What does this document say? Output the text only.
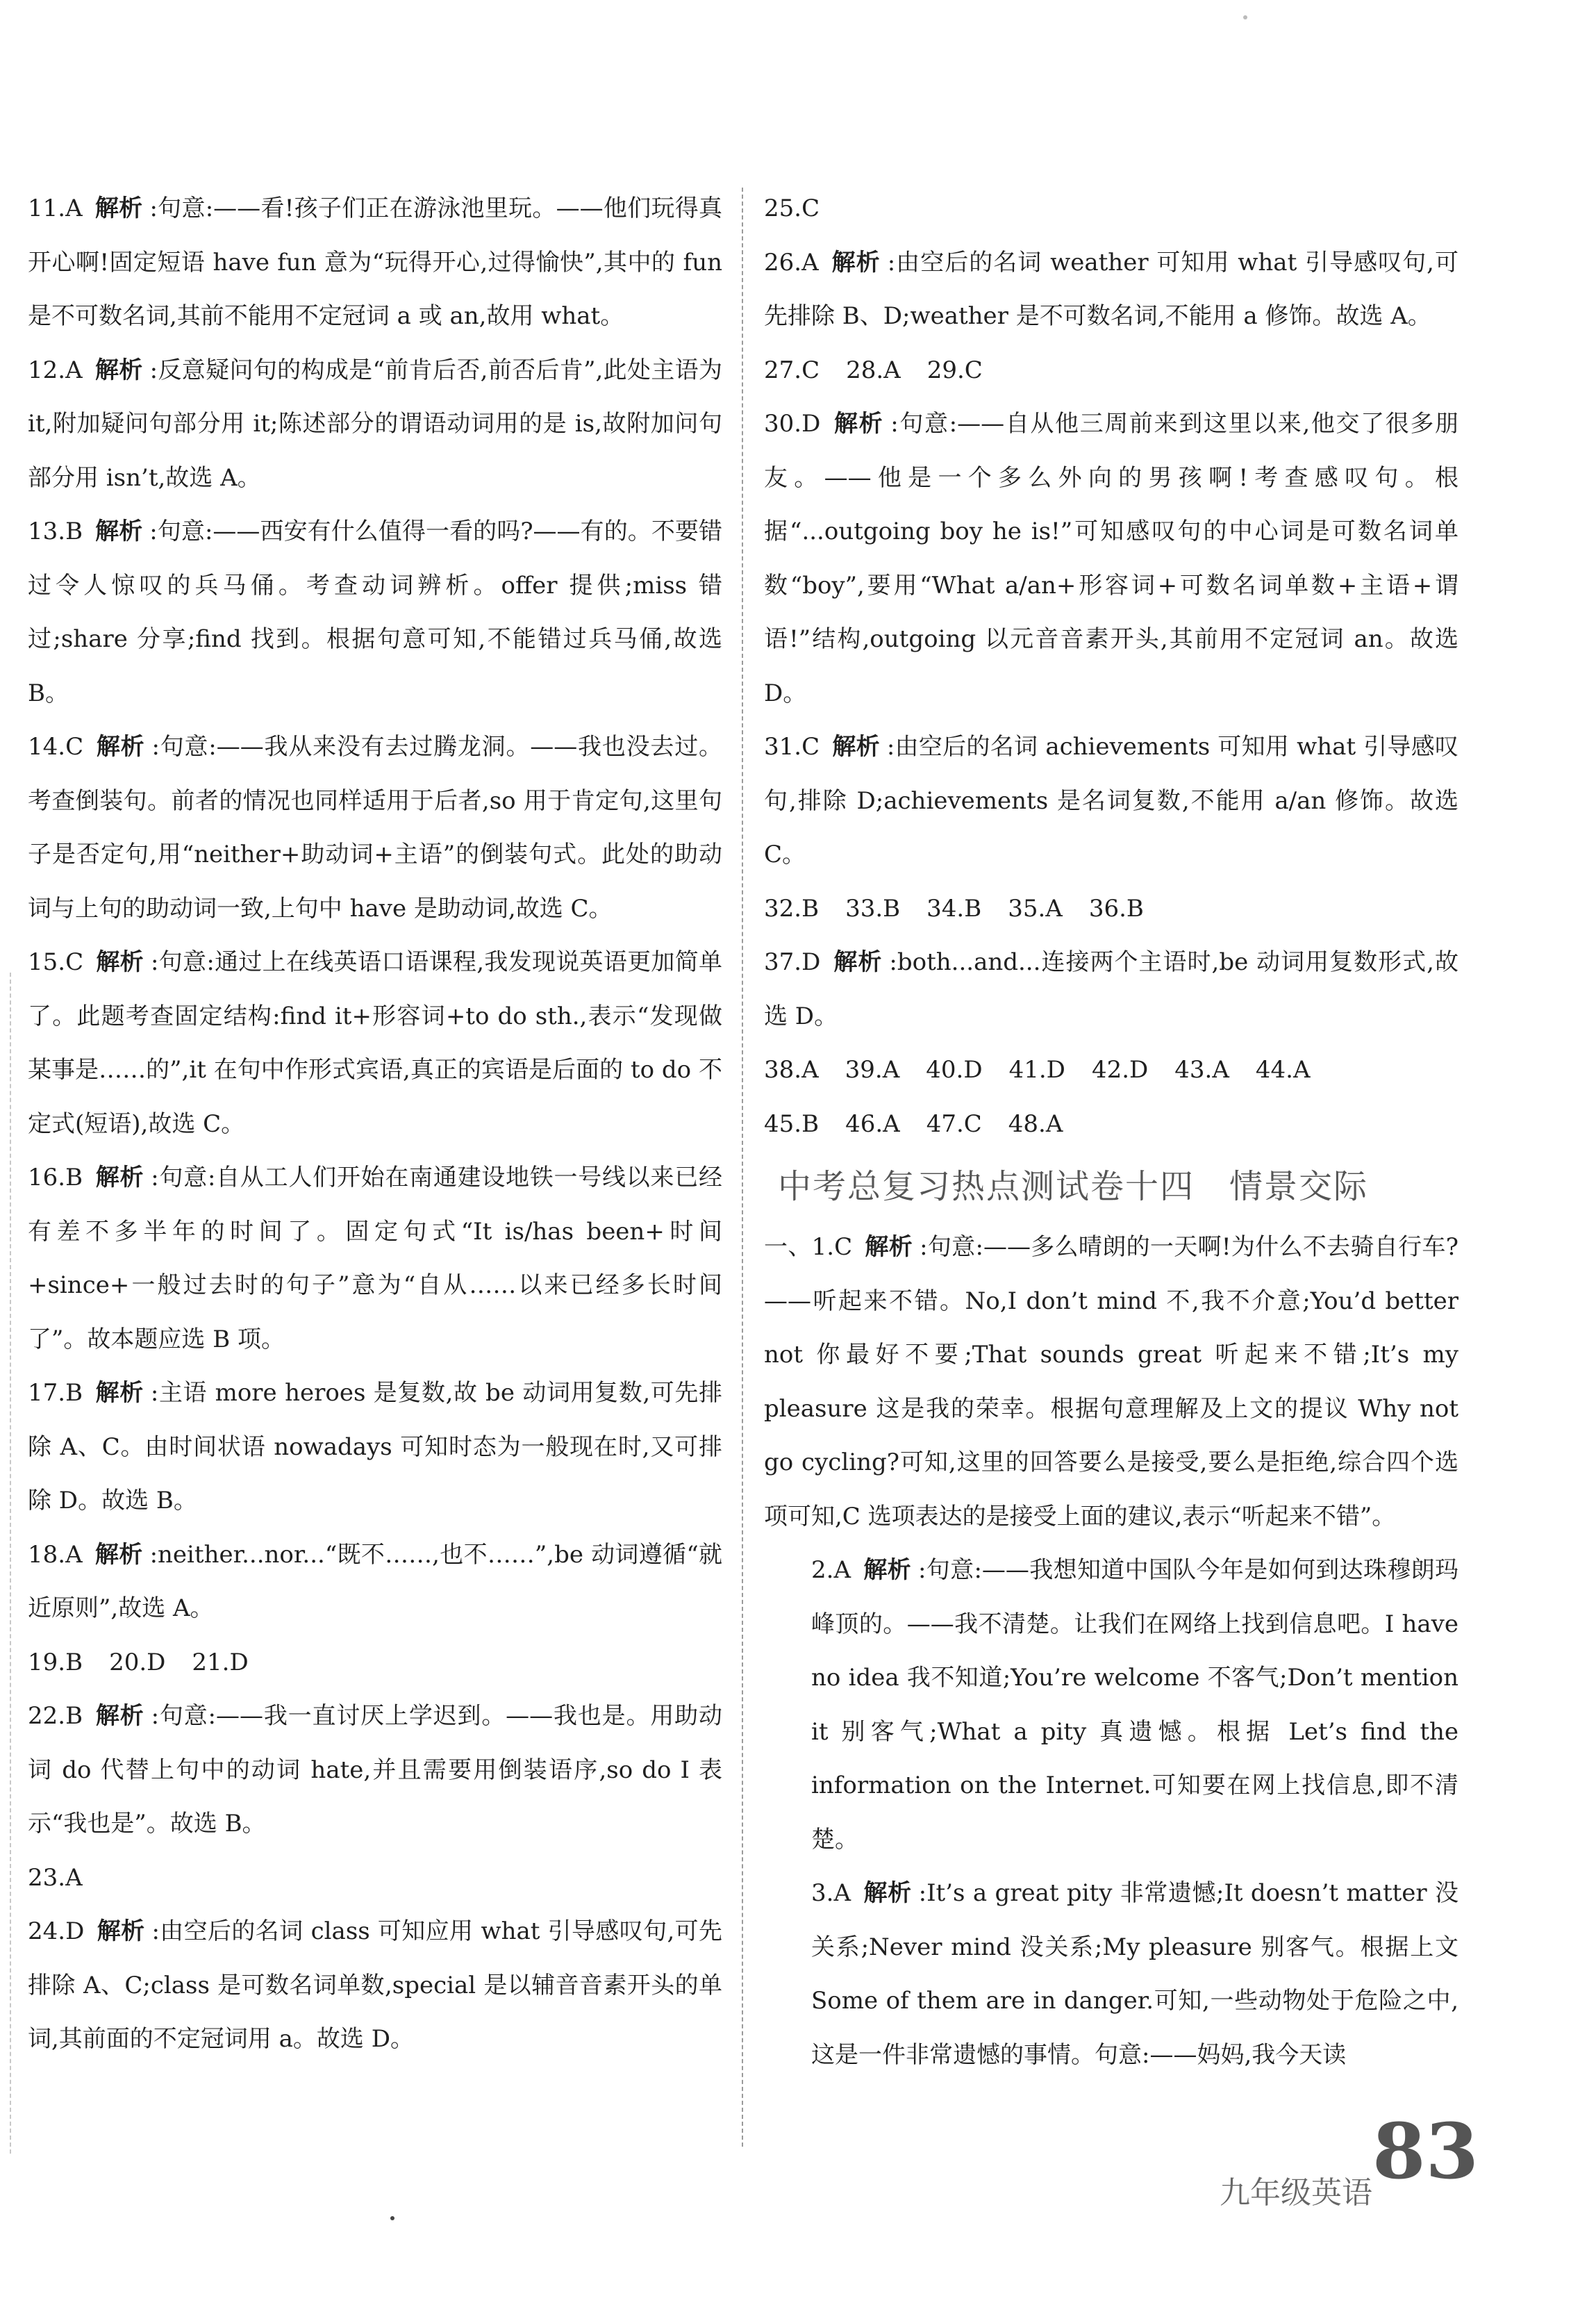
11.A 解析 :句意:——看!孩子们正在游泳池里玩。——他们玩得真开心啊!固定短语 have fun 意为“玩得开心,过得愉快”,其中的 fun 是不可数名词,其前不能用不定冠词 a 或 an,故用 what。

12.A 解析 :反意疑问句的构成是“前肯后否,前否后肯”,此处主语为 it,附加疑问句部分用 it;陈述部分的谓语动词用的是 is,故附加问句部分用 isn’t,故选 A。

13.B 解析 :句意:——西安有什么值得一看的吗?——有的。不要错过令人惊叹的兵马俑。考查动词辨析。offer 提供;miss 错过;share 分享;find 找到。根据句意可知,不能错过兵马俑,故选 B。

14.C 解析 :句意:——我从来没有去过腾龙洞。——我也没去过。考查倒装句。前者的情况也同样适用于后者,so 用于肯定句,这里句子是否定句,用“neither+助动词+主语”的倒装句式。此处的助动词与上句的助动词一致,上句中 have 是助动词,故选 C。

15.C 解析 :句意:通过上在线英语口语课程,我发现说英语更加简单了。此题考查固定结构:find it+形容词+to do sth.,表示“发现做某事是……的”,it 在句中作形式宾语,真正的宾语是后面的 to do 不定式(短语),故选 C。

16.B 解析 :句意:自从工人们开始在南通建设地铁一号线以来已经有差不多半年的时间了。固定句式“It is/has been+时间+since+一般过去时的句子”意为“自从……以来已经多长时间了”。故本题应选 B 项。

17.B 解析 :主语 more heroes 是复数,故 be 动词用复数,可先排除 A、C。由时间状语 nowadays 可知时态为一般现在时,又可排除 D。故选 B。

18.A 解析 :neither...nor...“既不……,也不……”,be 动词遵循“就近原则”,故选 A。

19.B 20.D 21.D

22.B 解析 :句意:——我一直讨厌上学迟到。——我也是。用助动词 do 代替上句中的动词 hate,并且需要用倒装语序,so do I 表示“我也是”。故选 B。

23.A

24.D 解析 :由空后的名词 class 可知应用 what 引导感叹句,可先排除 A、C;class 是可数名词单数,special 是以辅音音素开头的单词,其前面的不定冠词用 a。故选 D。

25.C

26.A 解析 :由空后的名词 weather 可知用 what 引导感叹句,可先排除 B、D;weather 是不可数名词,不能用 a 修饰。故选 A。

27.C 28.A 29.C

30.D 解析 :句意:——自从他三周前来到这里以来,他交了很多朋友。——他是一个多么外向的男孩啊!考查感叹句。根据“...outgoing boy he is!”可知感叹句的中心词是可数名词单数“boy”,要用“What a/an+形容词+可数名词单数+主语+谓语!”结构,outgoing 以元音音素开头,其前用不定冠词 an。故选 D。

31.C 解析 :由空后的名词 achievements 可知用 what 引导感叹句,排除 D;achievements 是名词复数,不能用 a/an 修饰。故选 C。

32.B 33.B 34.B 35.A 36.B

37.D 解析 :both...and...连接两个主语时,be 动词用复数形式,故选 D。

38.A 39.A 40.D 41.D 42.D 43.A 44.A

45.B 46.A 47.C 48.A

中考总复习热点测试卷十四 情景交际

一、1.C 解析 :句意:——多么晴朗的一天啊!为什么不去骑自行车?——听起来不错。No,I don’t mind 不,我不介意;You’d better not 你最好不要;That sounds great 听起来不错;It’s my pleasure 这是我的荣幸。根据句意理解及上文的提议 Why not go cycling?可知,这里的回答要么是接受,要么是拒绝,综合四个选项可知,C 选项表达的是接受上面的建议,表示“听起来不错”。

2.A 解析 :句意:——我想知道中国队今年是如何到达珠穆朗玛峰顶的。——我不清楚。让我们在网络上找到信息吧。I have no idea 我不知道;You’re welcome 不客气;Don’t mention it 别客气;What a pity 真遗憾。根据 Let’s find the information on the Internet.可知要在网上找信息,即不清楚。

3.A 解析 :It’s a great pity 非常遗憾;It doesn’t matter 没关系;Never mind 没关系;My pleasure 别客气。根据上文 Some of them are in danger.可知,一些动物处于危险之中,这是一件非常遗憾的事情。句意:——妈妈,我今天读

九年级英语 83
